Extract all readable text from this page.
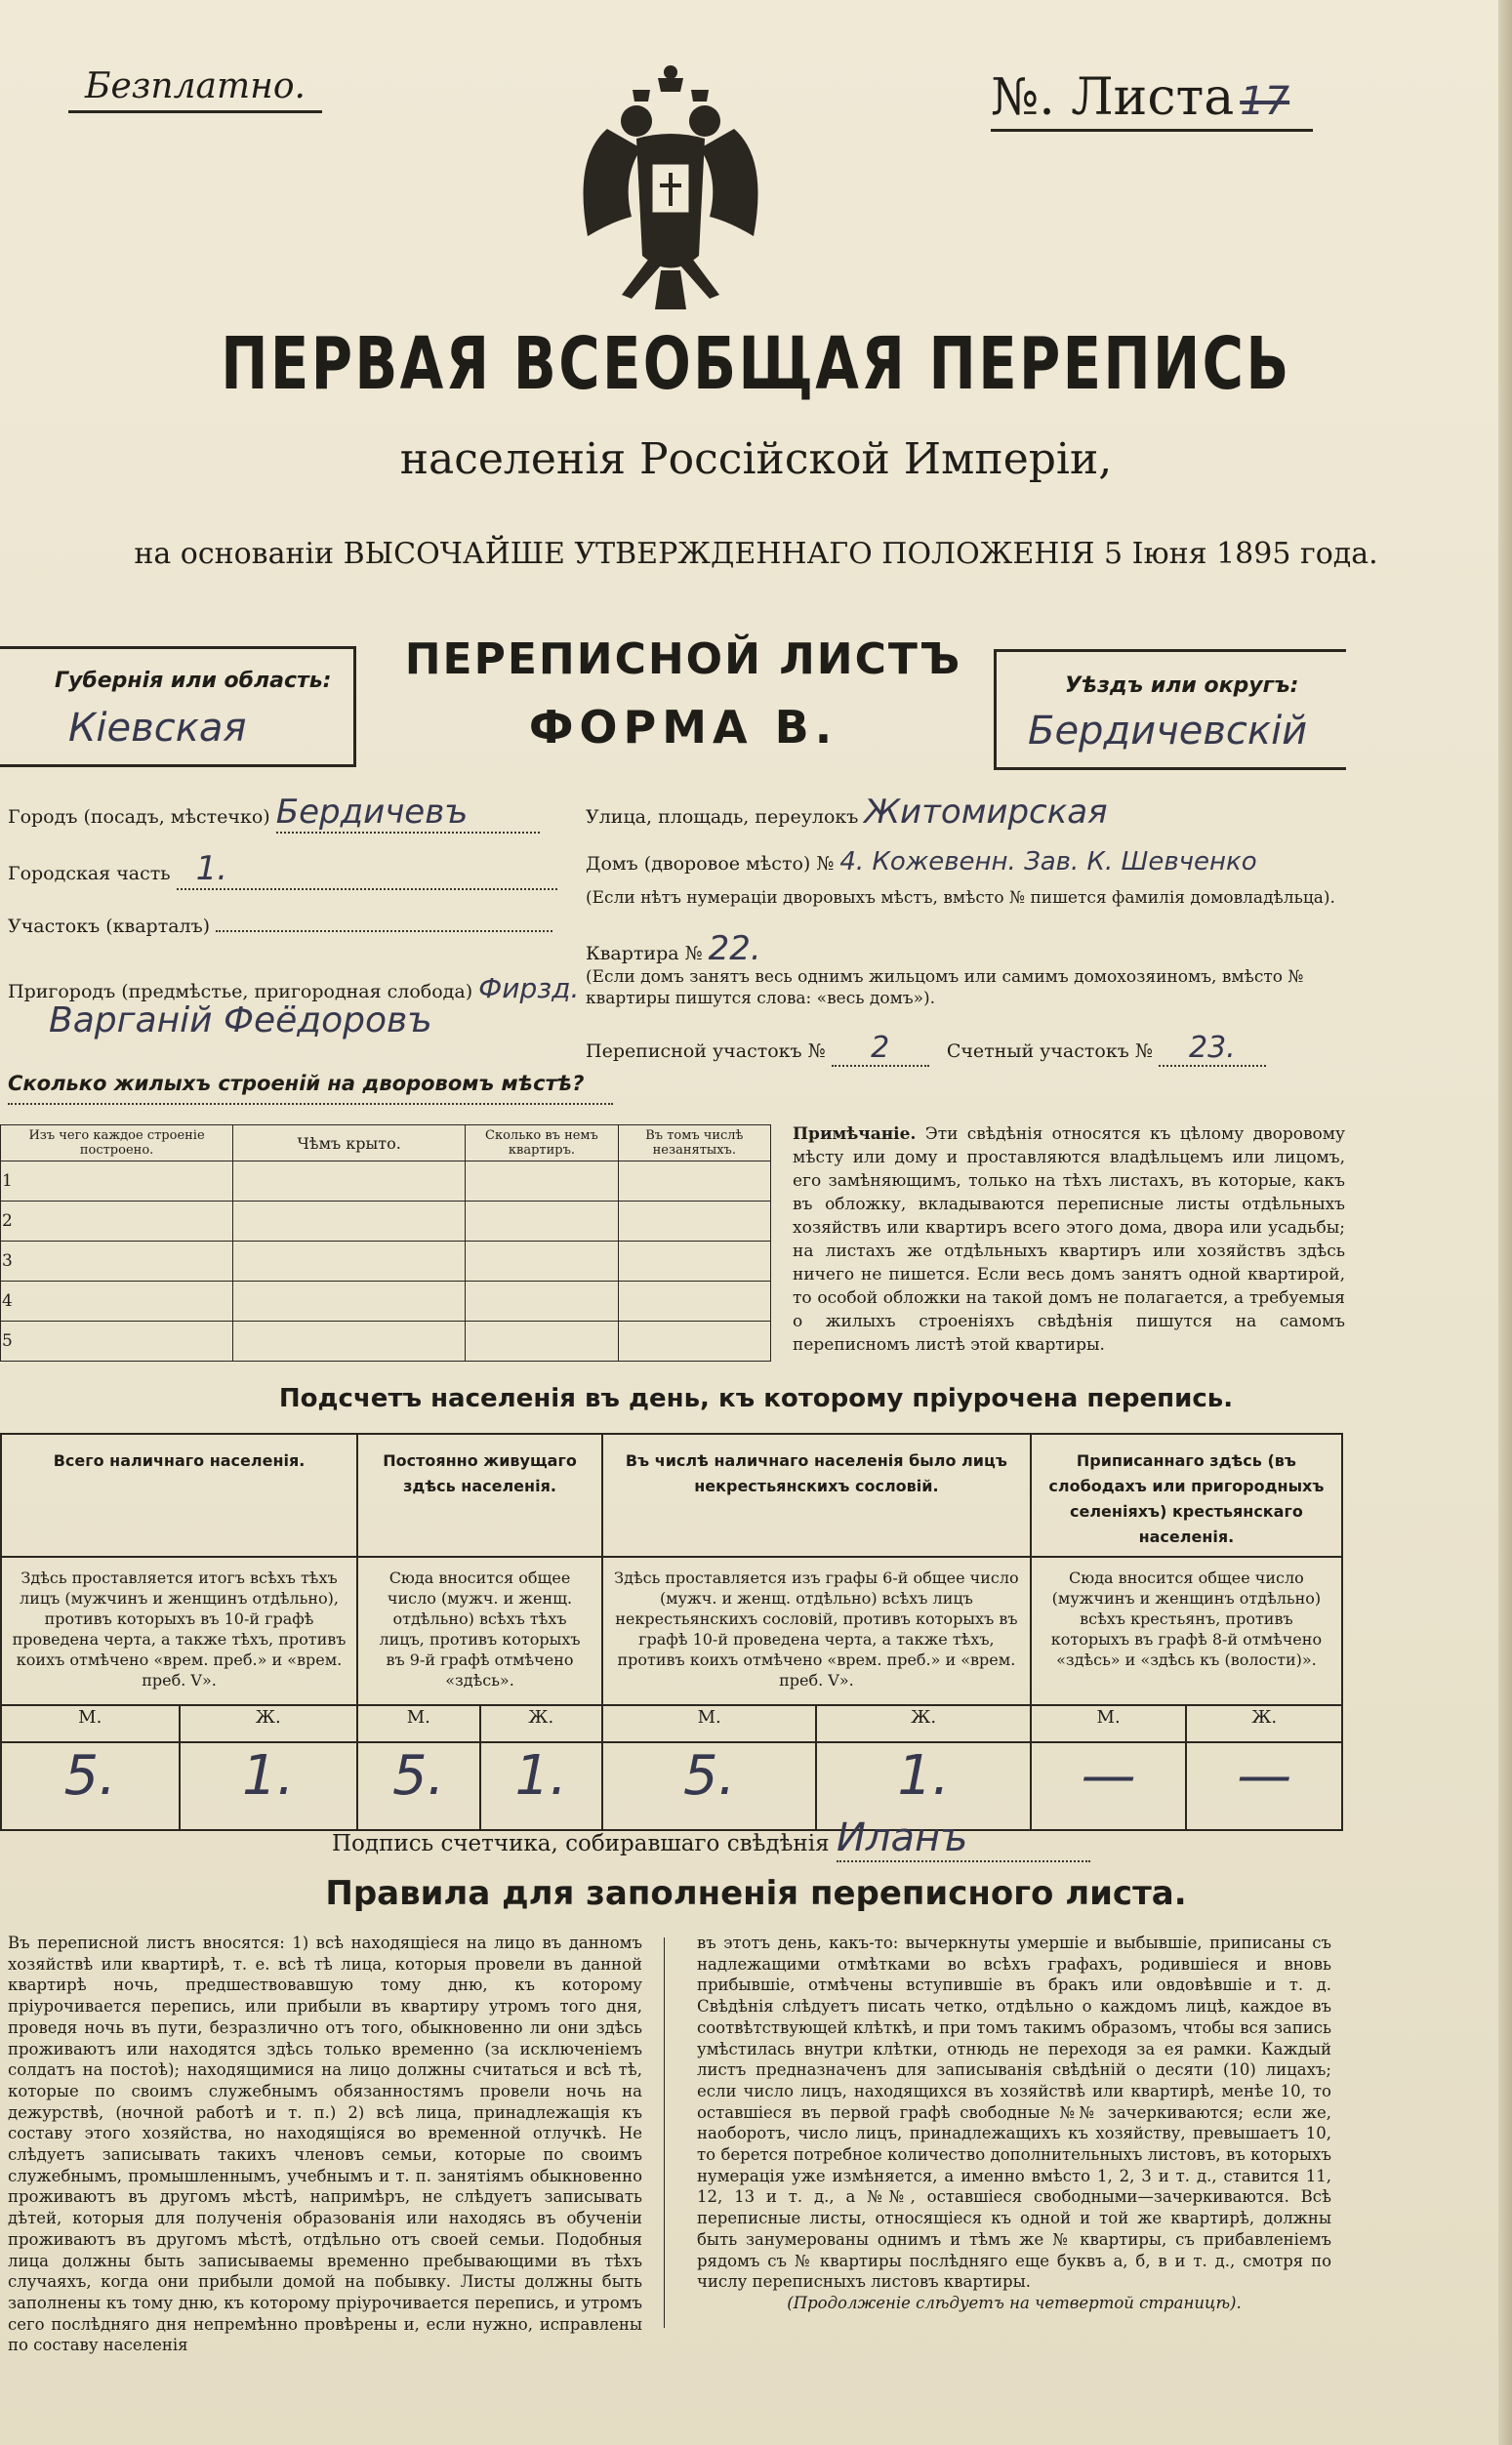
Безплатно.	№. Листа 17
ПЕРВАЯ ВСЕОБЩАЯ ПЕРЕПИСЬ
населенія Россійской Имперіи,
на основаніи ВЫСОЧАЙШЕ УТВЕРЖДЕННАГО ПОЛОЖЕНІЯ 5 Іюня 1895 года.
Губернія или область:
Кіевская
ПЕРЕПИСНОЙ ЛИСТЪ
ФОРМА В.
Уѣздъ или округъ:
Бердичевскій
Городъ (посадъ, мѣстечко) Бердичевъ
Городская часть 1.
Участокъ (кварталъ)
Пригородъ (предмѣстье, пригородная слобода) Фирзд.
Варганій Феёдоровъ
Улица, площадь, переулокъ Житомирская
Домъ (дворовое мѣсто) № 4. Кожевенн. Зав. К. Шевченко
(Если нѣтъ нумераціи дворовыхъ мѣстъ, вмѣсто № пишется фамилія домовладѣльца).
Квартира № 22.
(Если домъ занятъ весь однимъ жильцомъ или самимъ домохозяиномъ, вмѣсто № квартиры пишутся слова: «весь домъ»).
Переписной участокъ № 2	Счетный участокъ № 23.
Сколько жилыхъ строеній на дворовомъ мѣстѣ?
Изъ чего каждое строеніе построено.	Чѣмъ крыто.	Сколько въ немъ квартиръ.	Въ томъ числѣ незанятыхъ.
1			
2			
3			
4			
5			
Примѣчаніе. Эти свѣдѣнія относятся къ цѣлому дворовому мѣсту или дому и проставляются владѣльцемъ или лицомъ, его замѣняющимъ, только на тѣхъ листахъ, въ которые, какъ въ обложку, вкладываются переписные листы отдѣльныхъ хозяйствъ или квартиръ всего этого дома, двора или усадьбы; на листахъ же отдѣльныхъ квартиръ или хозяйствъ здѣсь ничего не пишется. Если весь домъ занятъ одной квартирой, то особой обложки на такой домъ не полагается, а требуемыя о жилыхъ строеніяхъ свѣдѣнія пишутся на самомъ переписномъ листѣ этой квартиры.
Подсчетъ населенія въ день, къ которому пріурочена перепись.
Всего наличнаго населенія.		Постоянно живущаго здѣсь населенія.		Въ числѣ наличнаго населенія было лицъ некрестьянскихъ сословій.		Приписаннаго здѣсь (въ слободахъ или пригородныхъ селеніяхъ) крестьянскаго населенія.	
Здѣсь проставляется итогъ всѣхъ тѣхъ лицъ (мужчинъ и женщинъ отдѣльно), противъ которыхъ въ 10-й графѣ проведена черта, а также тѣхъ, противъ коихъ отмѣчено «врем. преб.» и «врем. преб. V».		Сюда вносится общее число (мужч. и женщ. отдѣльно) всѣхъ тѣхъ лицъ, противъ которыхъ въ 9-й графѣ отмѣчено «здѣсь».		Здѣсь проставляется изъ графы 6-й общее число (мужч. и женщ. отдѣльно) всѣхъ лицъ некрестьянскихъ сословій, противъ которыхъ въ графѣ 10-й проведена черта, а также тѣхъ, противъ коихъ отмѣчено «врем. преб.» и «врем. преб. V».		Сюда вносится общее число (мужчинъ и женщинъ отдѣльно) всѣхъ крестьянъ, противъ которыхъ въ графѣ 8-й отмѣчено «здѣсь» и «здѣсь къ (волости)».	
М.	Ж.	М.	Ж.	М.	Ж.	М.	Ж.
5.	1.	5.	1.	5.	1.	—	—
Подпись счетчика, собиравшаго свѣдѣнія Иланъ
Правила для заполненія переписного листа.
Въ переписной листъ вносятся: 1) всѣ находящіеся на лицо въ данномъ хозяйствѣ или квартирѣ, т. е. всѣ тѣ лица, которыя провели въ данной квартирѣ ночь, предшествовавшую тому дню, къ которому пріурочивается перепись, или прибыли въ квартиру утромъ того дня, проведя ночь въ пути, безразлично отъ того, обыкновенно ли они здѣсь проживаютъ или находятся здѣсь только временно (за исключеніемъ солдатъ на постоѣ); находящимися на лицо должны считаться и всѣ тѣ, которые по своимъ служебнымъ обязанностямъ провели ночь на дежурствѣ, (ночной работѣ и т. п.) 2) всѣ лица, принадлежащія къ составу этого хозяйства, но находящіяся во временной отлучкѣ. Не слѣдуетъ записывать такихъ членовъ семьи, которые по своимъ служебнымъ, промышленнымъ, учебнымъ и т. п. занятіямъ обыкновенно проживаютъ въ другомъ мѣстѣ, напримѣръ, не слѣдуетъ записывать дѣтей, которыя для полученія образованія или находясь въ обученіи проживаютъ въ другомъ мѣстѣ, отдѣльно отъ своей семьи. Подобныя лица должны быть записываемы временно пребывающими въ тѣхъ случаяхъ, когда они прибыли домой на побывку. Листы должны быть заполнены къ тому дню, къ которому пріурочивается перепись, и утромъ сего послѣдняго дня непремѣнно провѣрены и, если нужно, исправлены по составу населенія
въ этотъ день, какъ-то: вычеркнуты умершіе и выбывшіе, приписаны съ надлежащими отмѣтками во всѣхъ графахъ, родившіеся и вновь прибывшіе, отмѣчены вступившіе въ бракъ или овдовѣвшіе и т. д. Свѣдѣнія слѣдуетъ писать четко, отдѣльно о каждомъ лицѣ, каждое въ соотвѣтствующей клѣткѣ, и при томъ такимъ образомъ, чтобы вся запись умѣстилась внутри клѣтки, отнюдь не переходя за ея рамки. Каждый листъ предназначенъ для записыванія свѣдѣній о десяти (10) лицахъ; если число лицъ, находящихся въ хозяйствѣ или квартирѣ, менѣе 10, то оставшіеся въ первой графѣ свободные №№ зачеркиваются; если же, наоборотъ, число лицъ, принадлежащихъ къ хозяйству, превышаетъ 10, то берется потребное количество дополнительныхъ листовъ, въ которыхъ нумерація уже измѣняется, а именно вмѣсто 1, 2, 3 и т. д., ставится 11, 12, 13 и т. д., а №№, оставшіеся свободными—зачеркиваются. Всѣ переписные листы, относящіеся къ одной и той же квартирѣ, должны быть занумерованы однимъ и тѣмъ же № квартиры, съ прибавленіемъ рядомъ съ № квартиры послѣдняго еще буквъ а, б, в и т. д., смотря по числу переписныхъ листовъ квартиры.

(Продолженіе слѣдуетъ на четвертой страницѣ).
